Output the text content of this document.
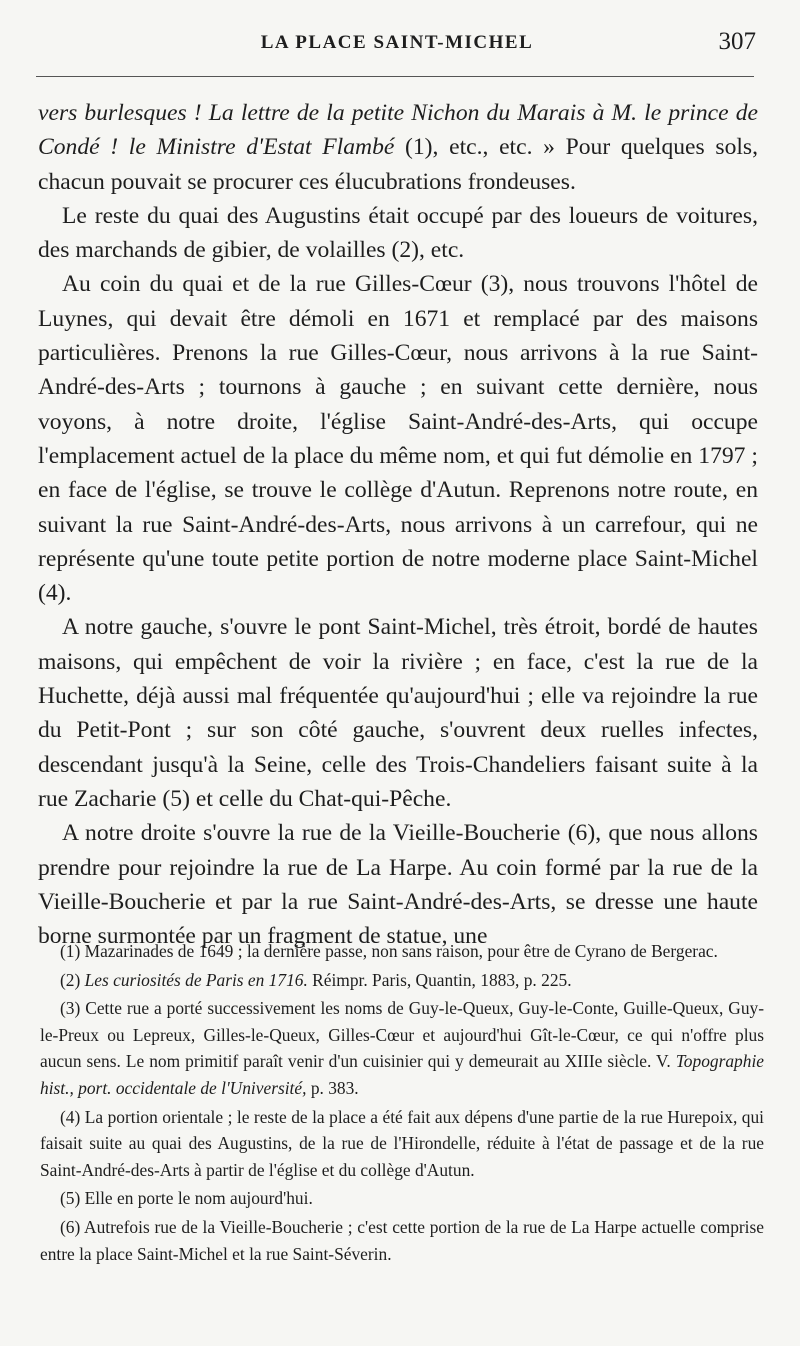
LA PLACE SAINT-MICHEL	307

vers burlesques ! La lettre de la petite Nichon du Marais à M. le prince de Condé ! le Ministre d'Estat Flambé (1), etc., etc. » Pour quelques sols, chacun pouvait se procurer ces élucubrations frondeuses.

Le reste du quai des Augustins était occupé par des loueurs de voitures, des marchands de gibier, de volailles (2), etc.

Au coin du quai et de la rue Gilles-Cœur (3), nous trouvons l'hôtel de Luynes, qui devait être démoli en 1671 et remplacé par des maisons particulières. Prenons la rue Gilles-Cœur, nous arrivons à la rue Saint-André-des-Arts ; tournons à gauche ; en suivant cette dernière, nous voyons, à notre droite, l'église Saint-André-des-Arts, qui occupe l'emplacement actuel de la place du même nom, et qui fut démolie en 1797 ; en face de l'église, se trouve le collège d'Autun. Reprenons notre route, en suivant la rue Saint-André-des-Arts, nous arrivons à un carrefour, qui ne représente qu'une toute petite portion de notre moderne place Saint-Michel (4).

A notre gauche, s'ouvre le pont Saint-Michel, très étroit, bordé de hautes maisons, qui empêchent de voir la rivière ; en face, c'est la rue de la Huchette, déjà aussi mal fréquentée qu'aujourd'hui ; elle va rejoindre la rue du Petit-Pont ; sur son côté gauche, s'ouvrent deux ruelles infectes, descendant jusqu'à la Seine, celle des Trois-Chandeliers faisant suite à la rue Zacharie (5) et celle du Chat-qui-Pêche.

A notre droite s'ouvre la rue de la Vieille-Boucherie (6), que nous allons prendre pour rejoindre la rue de La Harpe. Au coin formé par la rue de la Vieille-Boucherie et par la rue Saint-André-des-Arts, se dresse une haute borne surmontée par un fragment de statue, une

(1) Mazarinades de 1649 ; la dernière passe, non sans raison, pour être de Cyrano de Bergerac.

(2) Les curiosités de Paris en 1716. Réimpr. Paris, Quantin, 1883, p. 225.

(3) Cette rue a porté successivement les noms de Guy-le-Queux, Guy-le-Conte, Guille-Queux, Guy-le-Preux ou Lepreux, Gilles-le-Queux, Gilles-Cœur et aujourd'hui Gît-le-Cœur, ce qui n'offre plus aucun sens. Le nom primitif paraît venir d'un cuisinier qui y demeurait au XIIIe siècle. V. Topographie hist., port. occidentale de l'Université, p. 383.

(4) La portion orientale ; le reste de la place a été fait aux dépens d'une partie de la rue Hurepoix, qui faisait suite au quai des Augustins, de la rue de l'Hirondelle, réduite à l'état de passage et de la rue Saint-André-des-Arts à partir de l'église et du collège d'Autun.

(5) Elle en porte le nom aujourd'hui.

(6) Autrefois rue de la Vieille-Boucherie ; c'est cette portion de la rue de La Harpe actuelle comprise entre la place Saint-Michel et la rue Saint-Séverin.
